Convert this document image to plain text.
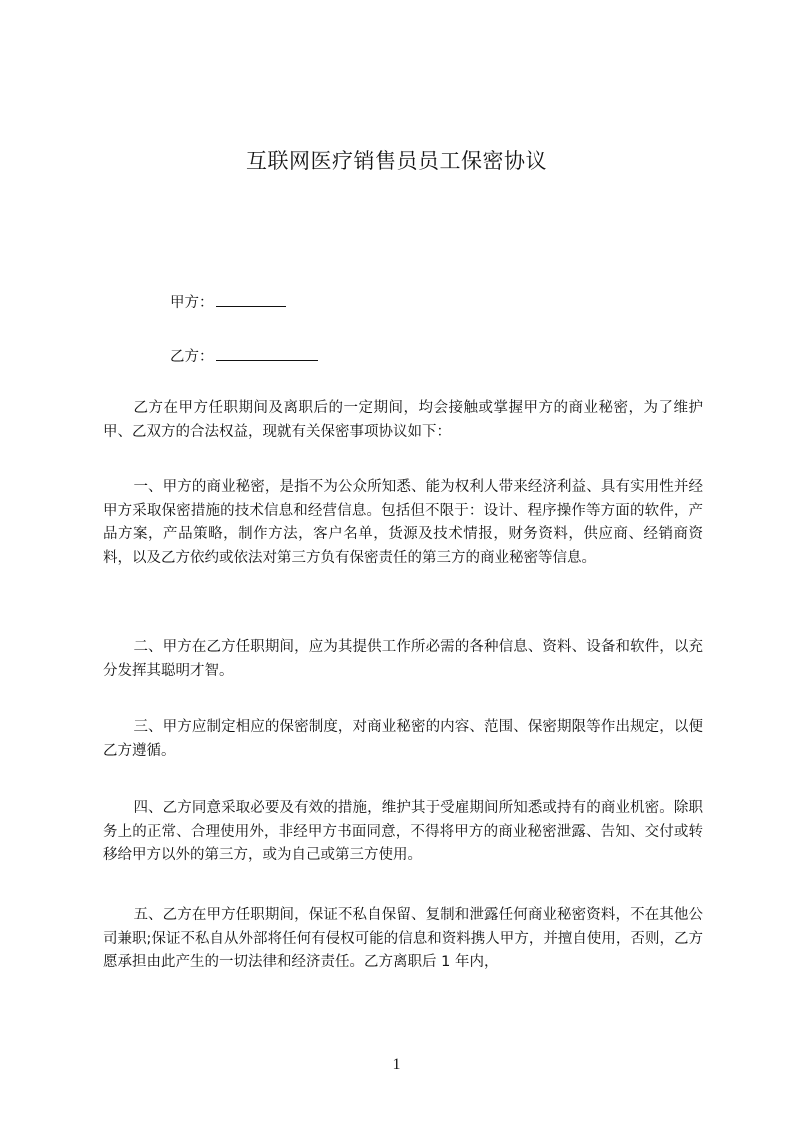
互联网医疗销售员员工保密协议
甲方：
乙方：

乙方在甲方任职期间及离职后的一定期间，均会接触或掌握甲方的商业秘密，为了维护甲、乙双方的合法权益，现就有关保密事项协议如下：

一、甲方的商业秘密，是指不为公众所知悉、能为权利人带来经济利益、具有实用性并经甲方采取保密措施的技术信息和经营信息。包括但不限于：设计、程序操作等方面的软件，产品方案，产品策略，制作方法，客户名单，货源及技术情报，财务资料，供应商、经销商资料，以及乙方依约或依法对第三方负有保密责任的第三方的商业秘密等信息。

二、甲方在乙方任职期间，应为其提供工作所必需的各种信息、资料、设备和软件，以充分发挥其聪明才智。

三、甲方应制定相应的保密制度，对商业秘密的内容、范围、保密期限等作出规定，以便乙方遵循。

四、乙方同意采取必要及有效的措施，维护其于受雇期间所知悉或持有的商业机密。除职务上的正常、合理使用外，非经甲方书面同意，不得将甲方的商业秘密泄露、告知、交付或转移给甲方以外的第三方，或为自己或第三方使用。

五、乙方在甲方任职期间，保证不私自保留、复制和泄露任何商业秘密资料，不在其他公司兼职;保证不私自从外部将任何有侵权可能的信息和资料携人甲方，并擅自使用，否则，乙方愿承担由此产生的一切法律和经济责任。乙方离职后 1 年内，

1
